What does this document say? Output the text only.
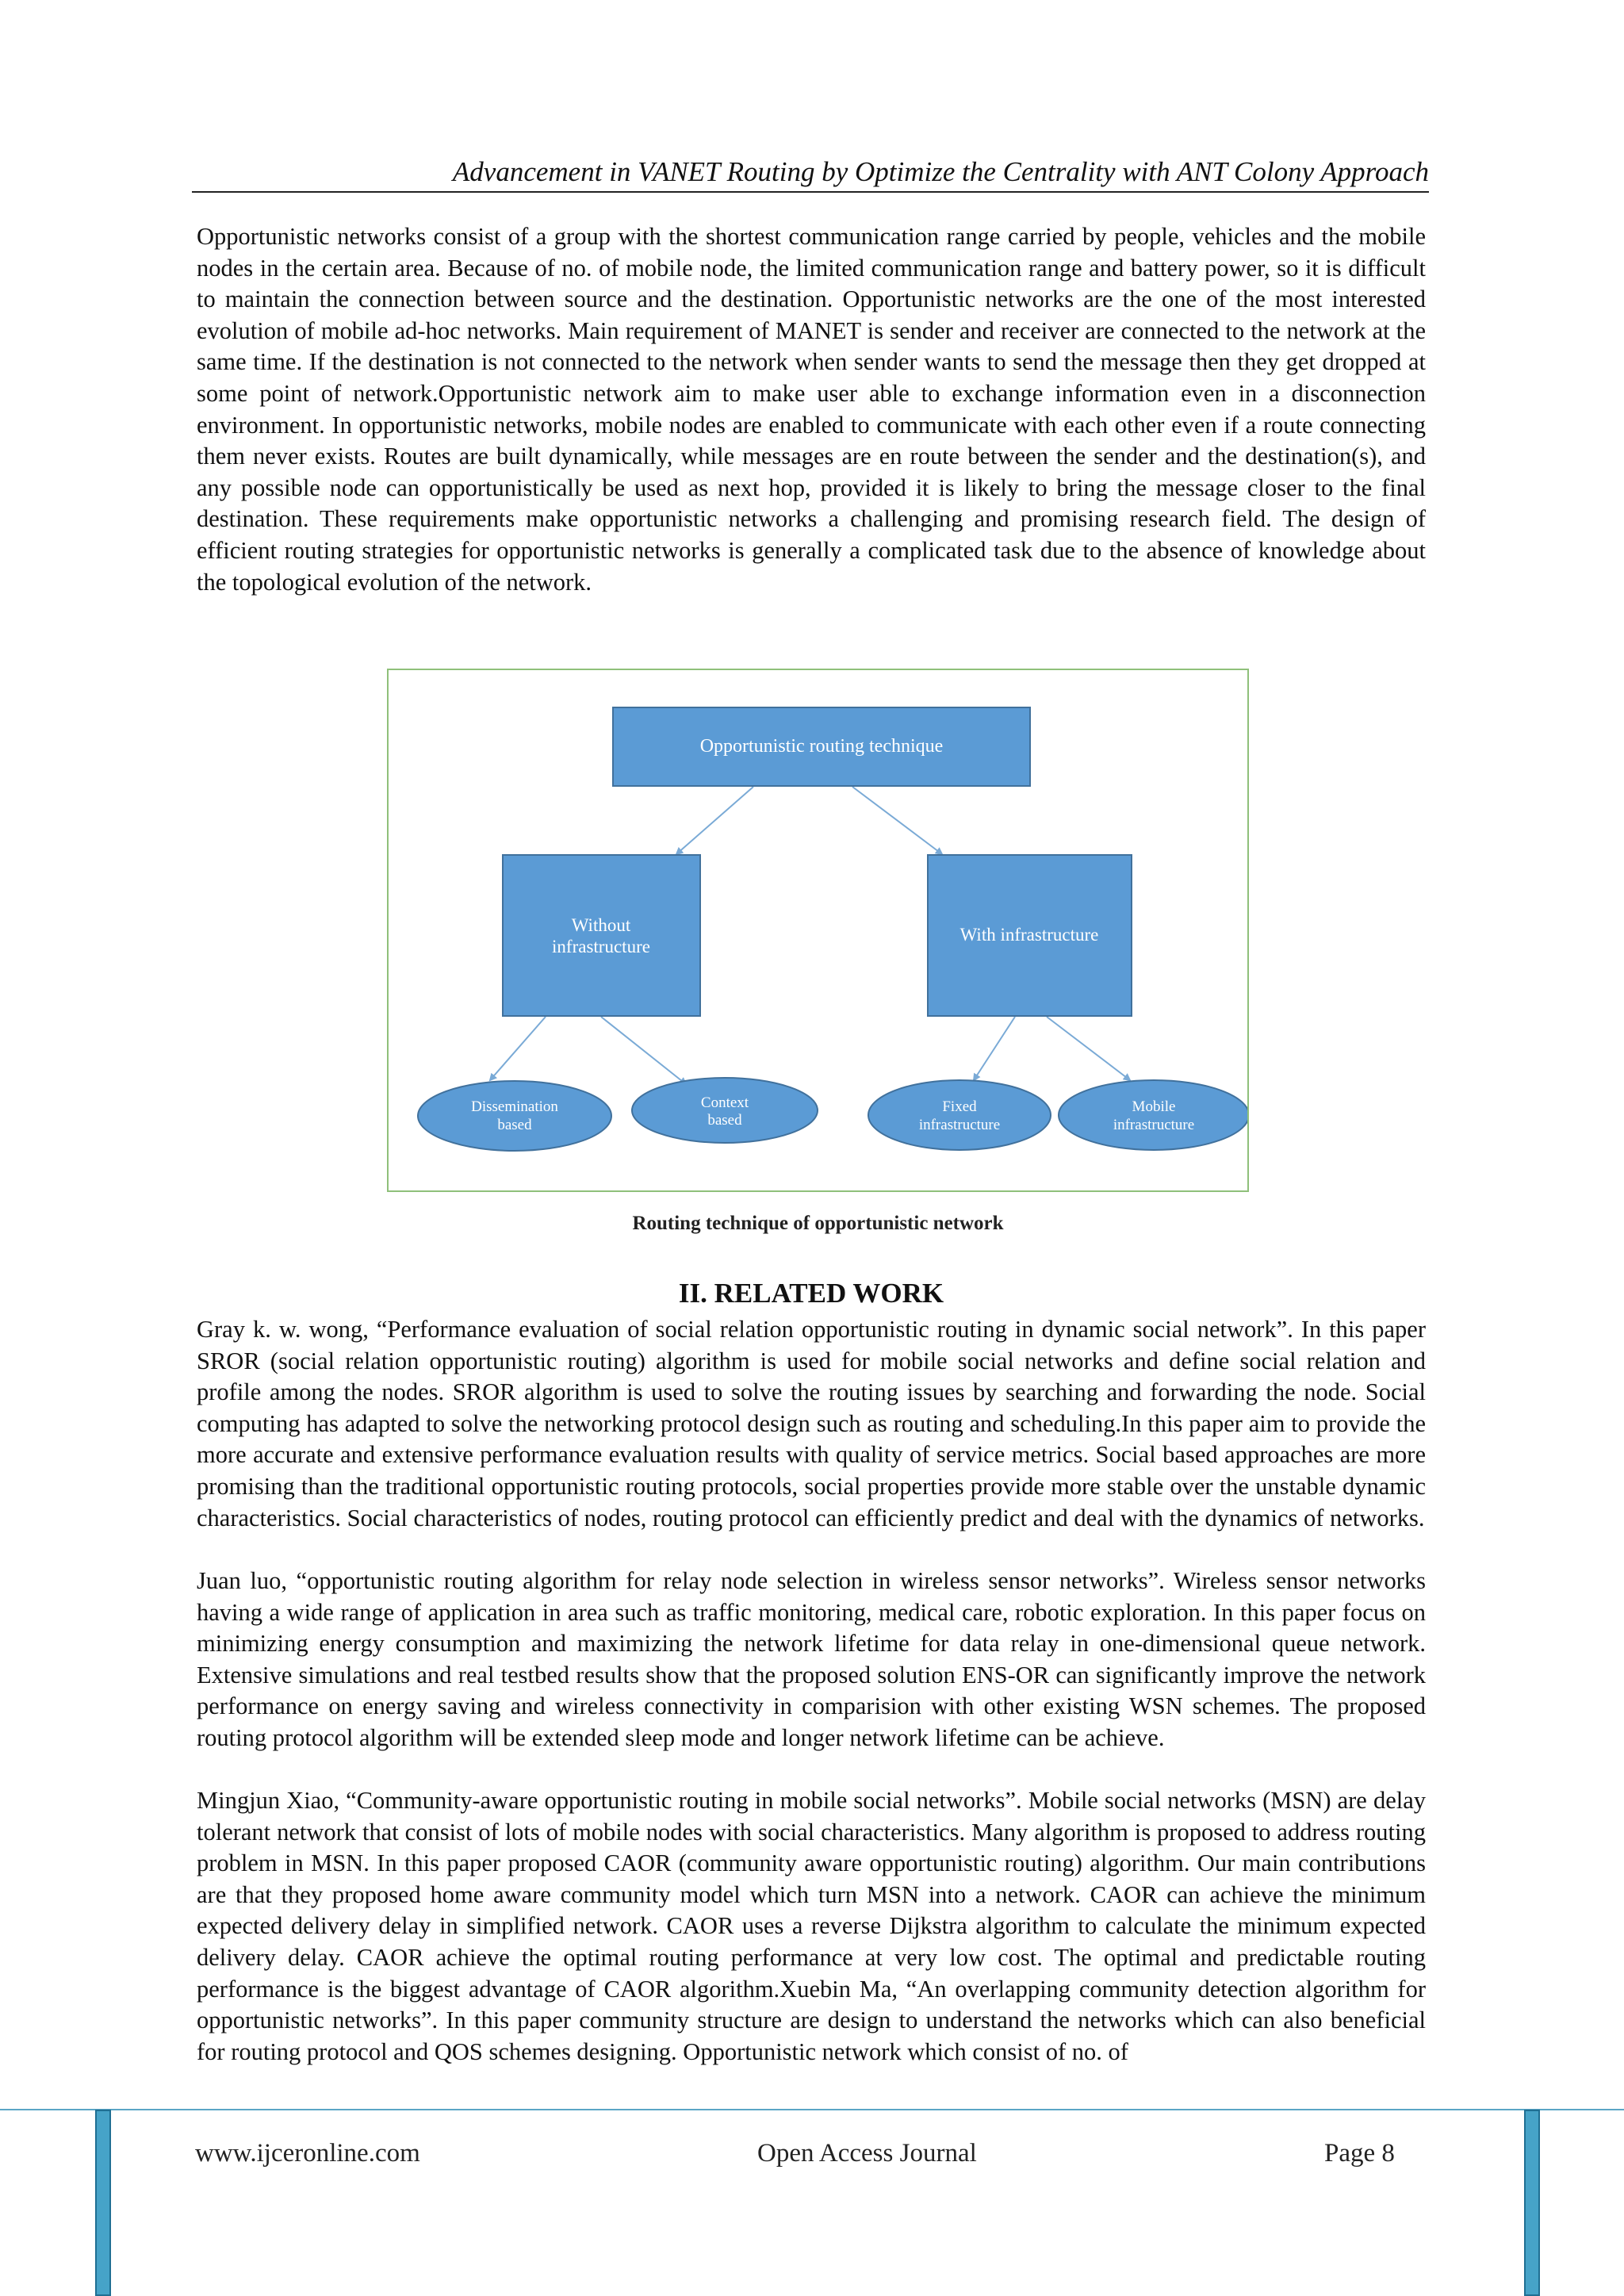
Advancement in VANET Routing by Optimize the Centrality with ANT Colony Approach

Opportunistic networks consist of a group with the shortest communication range carried by people, vehicles and the mobile nodes in the certain area. Because of no. of mobile node, the limited communication range and battery power, so it is difficult to maintain the connection between source and the destination. Opportunistic networks are the one of the most interested evolution of mobile ad-hoc networks. Main requirement of MANET is sender and receiver are connected to the network at the same time. If the destination is not connected to the network when sender wants to send the message then they get dropped at some point of network.Opportunistic network aim to make user able to exchange information even in a disconnection environment. In opportunistic networks, mobile nodes are enabled to communicate with each other even if a route connecting them never exists. Routes are built dynamically, while messages are en route between the sender and the destination(s), and any possible node can opportunistically be used as next hop, provided it is likely to bring the message closer to the final destination. These requirements make opportunistic networks a challenging and promising research field. The design of efficient routing strategies for opportunistic networks is generally a complicated task due to the absence of knowledge about the topological evolution of the network.

Opportunistic routing technique
Without
infrastructure
With infrastructure
Dissemination
based
Context
based
Fixed
infrastructure
Mobile
infrastructure
Routing technique of opportunistic network
II. RELATED WORK

Gray k. w. wong, “Performance evaluation of social relation opportunistic routing in dynamic social network”. In this paper SROR (social relation opportunistic routing) algorithm is used for mobile social networks and define social relation and profile among the nodes. SROR algorithm is used to solve the routing issues by searching and forwarding the node. Social computing has adapted to solve the networking protocol design such as routing and scheduling.In this paper aim to provide the more accurate and extensive performance evaluation results with quality of service metrics. Social based approaches are more promising than the traditional opportunistic routing protocols, social properties provide more stable over the unstable dynamic characteristics. Social characteristics of nodes, routing protocol can efficiently predict and deal with the dynamics of networks.

Juan luo, “opportunistic routing algorithm for relay node selection in wireless sensor networks”. Wireless sensor networks having a wide range of application in area such as traffic monitoring, medical care, robotic exploration. In this paper focus on minimizing energy consumption and maximizing the network lifetime for data relay in one-dimensional queue network. Extensive simulations and real testbed results show that the proposed solution ENS-OR can significantly improve the network performance on energy saving and wireless connectivity in comparision with other existing WSN schemes. The proposed routing protocol algorithm will be extended sleep mode and longer network lifetime can be achieve.

Mingjun Xiao, “Community-aware opportunistic routing in mobile social networks”. Mobile social networks (MSN) are delay tolerant network that consist of lots of mobile nodes with social characteristics. Many algorithm is proposed to address routing problem in MSN. In this paper proposed CAOR (community aware opportunistic routing) algorithm. Our main contributions are that they proposed home aware community model which turn MSN into a network. CAOR can achieve the minimum expected delivery delay in simplified network. CAOR uses a reverse Dijkstra algorithm to calculate the minimum expected delivery delay. CAOR achieve the optimal routing performance at very low cost. The optimal and predictable routing performance is the biggest advantage of CAOR algorithm.Xuebin Ma, “An overlapping community detection algorithm for opportunistic networks”. In this paper community structure are design to understand the networks which can also beneficial for routing protocol and QOS schemes designing. Opportunistic network which consist of no. of

www.ijceronline.com	Open Access Journal	Page 8
